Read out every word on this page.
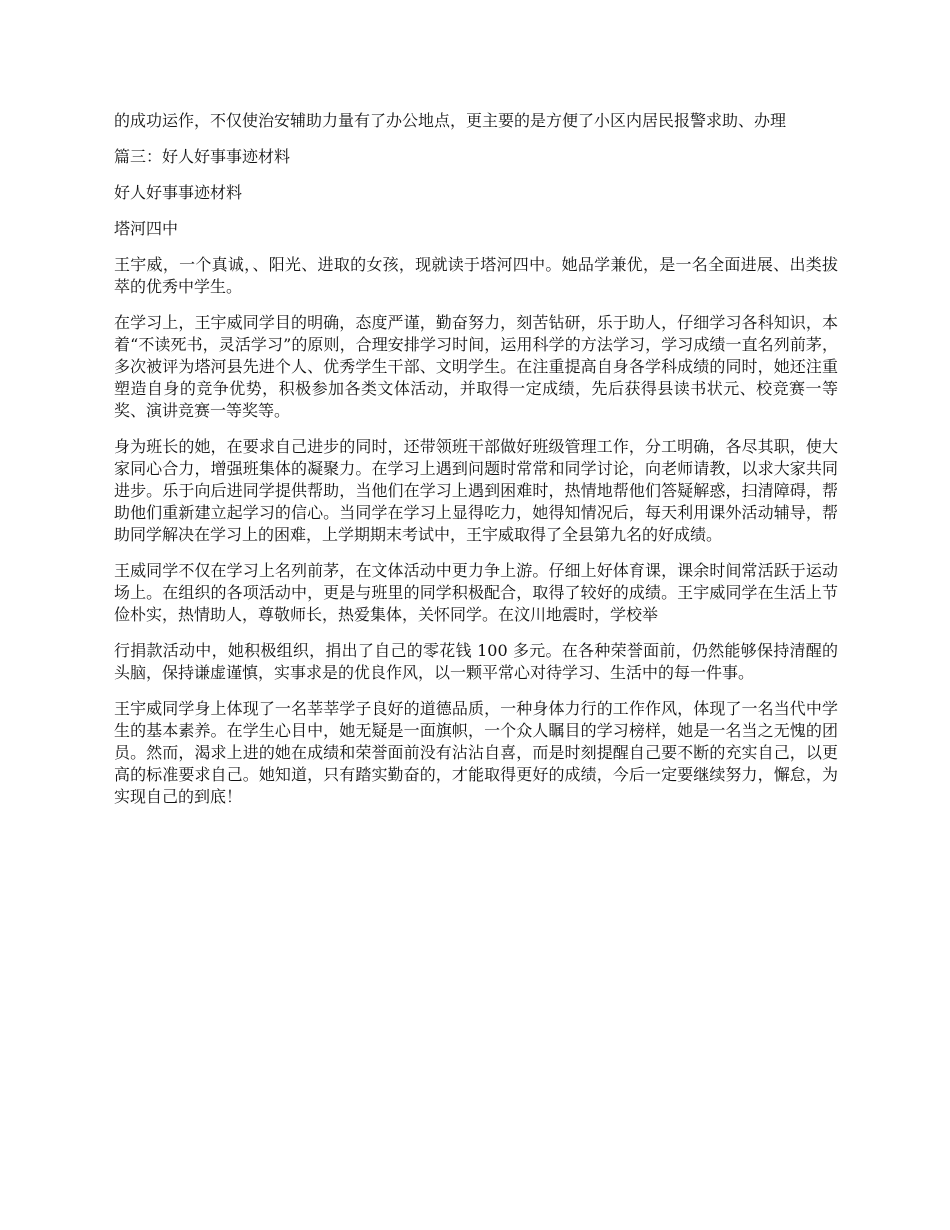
的成功运作，不仅使治安辅助力量有了办公地点，更主要的是方便了小区内居民报警求助、办理

篇三：好人好事事迹材料

好人好事事迹材料

塔河四中

王宇威，一个真诚，、阳光、进取的女孩，现就读于塔河四中。她品学兼优，是一名全面进展、出类拔萃的优秀中学生。

在学习上，王宇威同学目的明确，态度严谨，勤奋努力，刻苦钻研，乐于助人，仔细学习各科知识，本着“不读死书，灵活学习”的原则，合理安排学习时间，运用科学的方法学习，学习成绩一直名列前茅，多次被评为塔河县先进个人、优秀学生干部、文明学生。在注重提高自身各学科成绩的同时，她还注重塑造自身的竞争优势，积极参加各类文体活动，并取得一定成绩，先后获得县读书状元、校竞赛一等奖、演讲竞赛一等奖等。

身为班长的她，在要求自己进步的同时，还带领班干部做好班级管理工作，分工明确，各尽其职，使大家同心合力，增强班集体的凝聚力。在学习上遇到问题时常常和同学讨论，向老师请教，以求大家共同进步。乐于向后进同学提供帮助，当他们在学习上遇到困难时，热情地帮他们答疑解惑，扫清障碍，帮助他们重新建立起学习的信心。当同学在学习上显得吃力，她得知情况后，每天利用课外活动辅导，帮助同学解决在学习上的困难，上学期期末考试中，王宇威取得了全县第九名的好成绩。

王威同学不仅在学习上名列前茅，在文体活动中更力争上游。仔细上好体育课，课余时间常活跃于运动场上。在组织的各项活动中，更是与班里的同学积极配合，取得了较好的成绩。王宇威同学在生活上节俭朴实，热情助人，尊敬师长，热爱集体，关怀同学。在汶川地震时，学校举

行捐款活动中，她积极组织，捐出了自己的零花钱 100 多元。在各种荣誉面前，仍然能够保持清醒的头脑，保持谦虚谨慎，实事求是的优良作风，以一颗平常心对待学习、生活中的每一件事。

王宇威同学身上体现了一名莘莘学子良好的道德品质，一种身体力行的工作作风，体现了一名当代中学生的基本素养。在学生心目中，她无疑是一面旗帜，一个众人瞩目的学习榜样，她是一名当之无愧的团员。然而，渴求上进的她在成绩和荣誉面前没有沾沾自喜，而是时刻提醒自己要不断的充实自己，以更高的标准要求自己。她知道，只有踏实勤奋的，才能取得更好的成绩，今后一定要继续努力，懈怠，为实现自己的到底！
